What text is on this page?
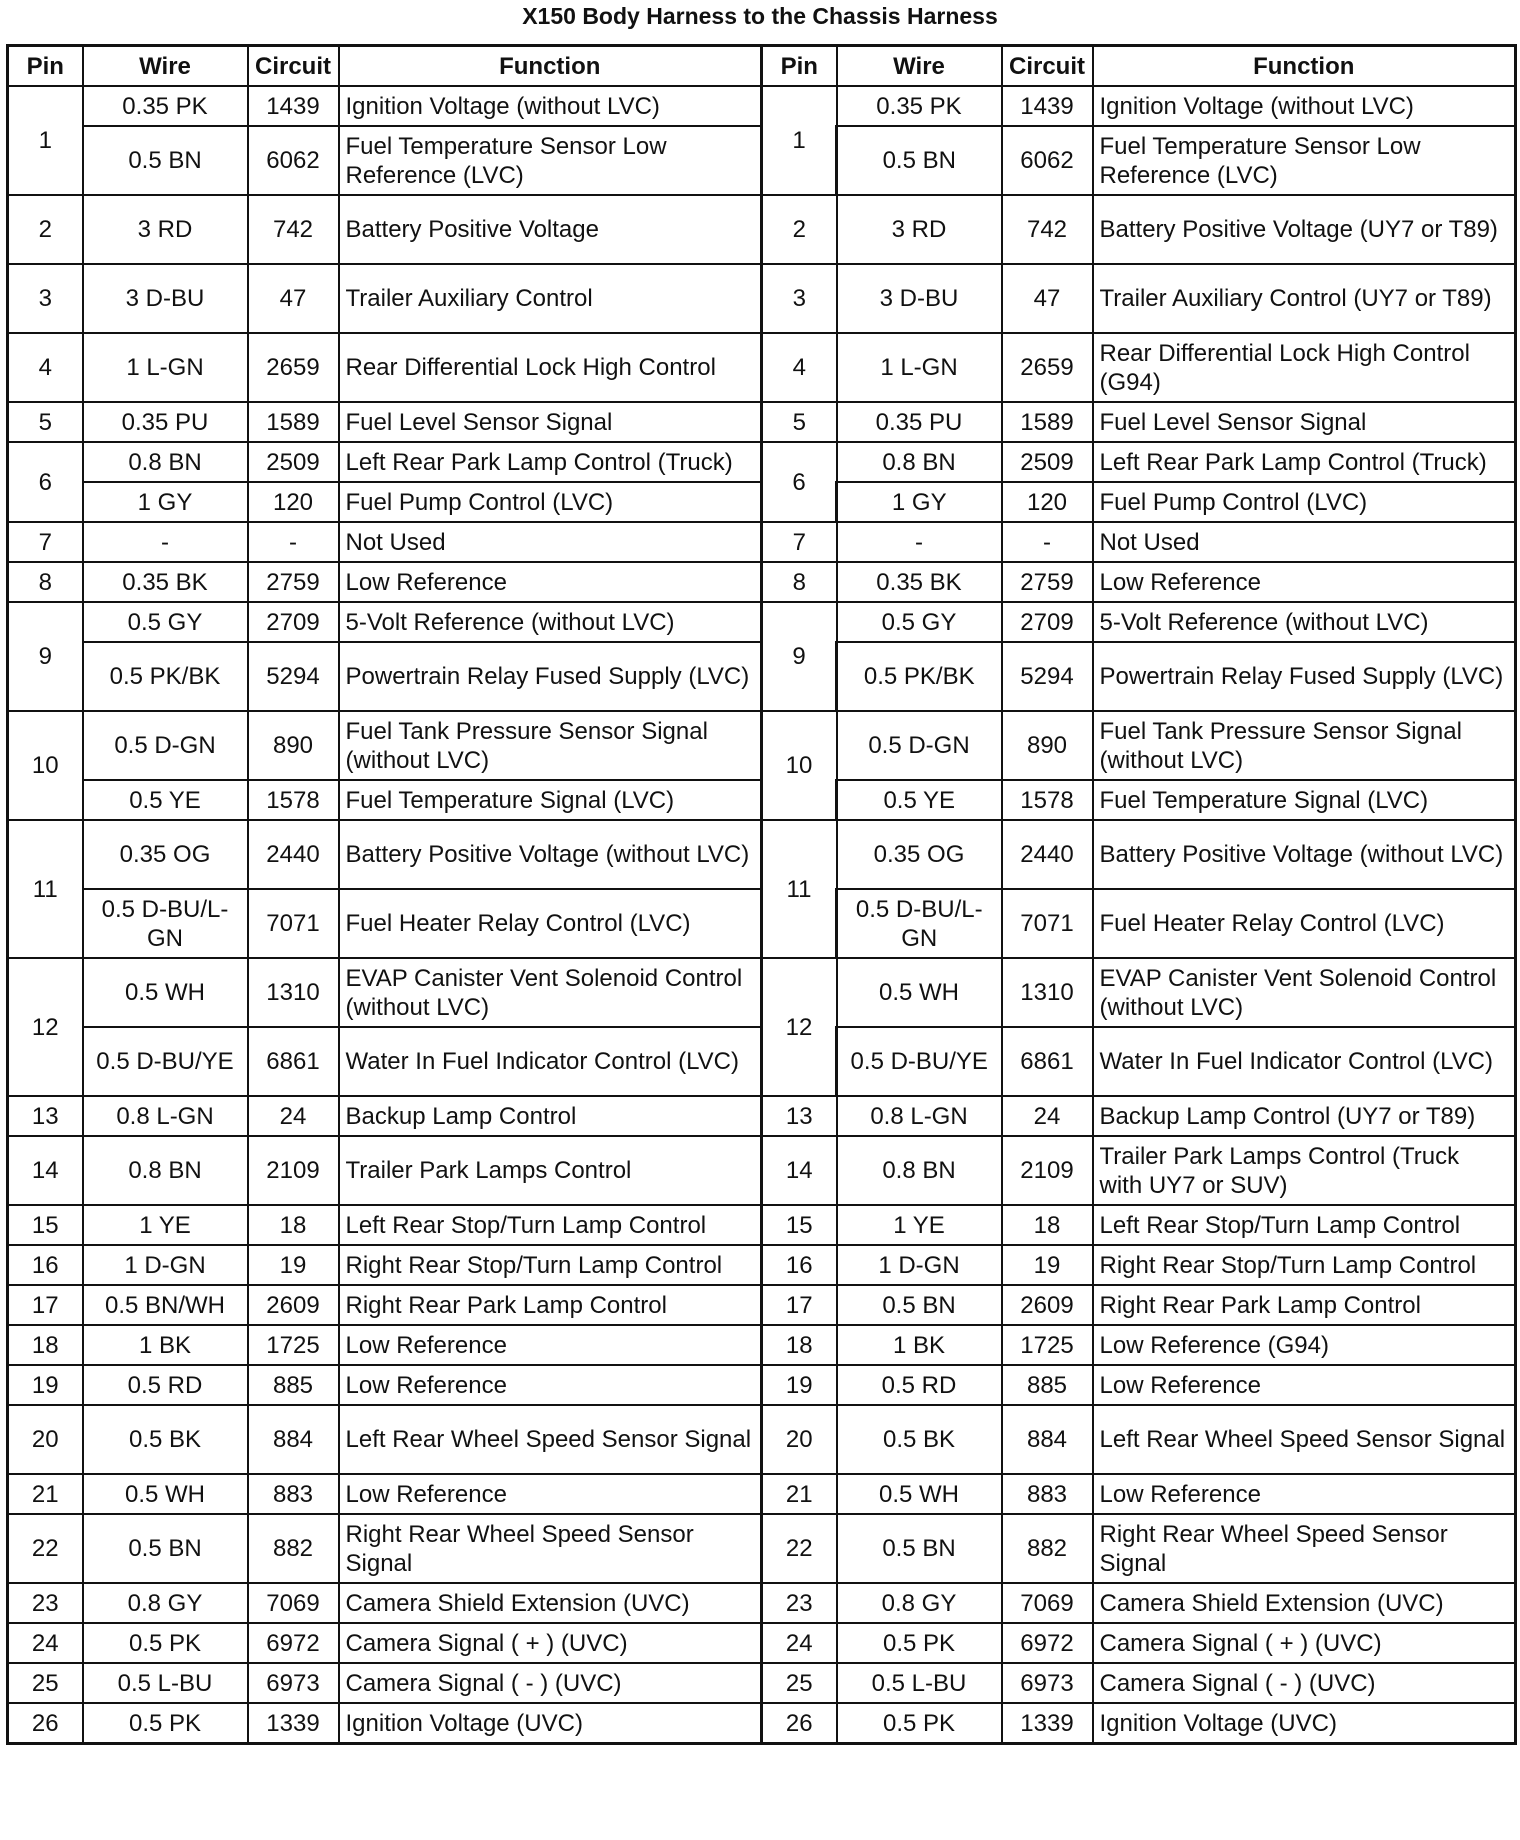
X150 Body Harness to the Chassis Harness
Pin	Wire	Circuit	Function	Pin	Wire	Circuit	Function
1	0.35 PK	1439	Ignition Voltage (without LVC)	1	0.35 PK	1439	Ignition Voltage (without LVC)
	0.5 BN	6062	Fuel Temperature Sensor Low Reference (LVC)		0.5 BN	6062	Fuel Temperature Sensor Low Reference (LVC)
2	3 RD	742	Battery Positive Voltage	2	3 RD	742	Battery Positive Voltage (UY7 or T89)
3	3 D-BU	47	Trailer Auxiliary Control	3	3 D-BU	47	Trailer Auxiliary Control (UY7 or T89)
4	1 L-GN	2659	Rear Differential Lock High Control	4	1 L-GN	2659	Rear Differential Lock High Control (G94)
5	0.35 PU	1589	Fuel Level Sensor Signal	5	0.35 PU	1589	Fuel Level Sensor Signal
6	0.8 BN	2509	Left Rear Park Lamp Control (Truck)	6	0.8 BN	2509	Left Rear Park Lamp Control (Truck)
	1 GY	120	Fuel Pump Control (LVC)		1 GY	120	Fuel Pump Control (LVC)
7	-	-	Not Used	7	-	-	Not Used
8	0.35 BK	2759	Low Reference	8	0.35 BK	2759	Low Reference
9	0.5 GY	2709	5-Volt Reference (without LVC)	9	0.5 GY	2709	5-Volt Reference (without LVC)
	0.5 PK/BK	5294	Powertrain Relay Fused Supply (LVC)		0.5 PK/BK	5294	Powertrain Relay Fused Supply (LVC)
10	0.5 D-GN	890	Fuel Tank Pressure Sensor Signal (without LVC)	10	0.5 D-GN	890	Fuel Tank Pressure Sensor Signal (without LVC)
	0.5 YE	1578	Fuel Temperature Signal (LVC)		0.5 YE	1578	Fuel Temperature Signal (LVC)
11	0.35 OG	2440	Battery Positive Voltage (without LVC)	11	0.35 OG	2440	Battery Positive Voltage (without LVC)
	0.5 D-BU/L-GN	7071	Fuel Heater Relay Control (LVC)		0.5 D-BU/L-GN	7071	Fuel Heater Relay Control (LVC)
12	0.5 WH	1310	EVAP Canister Vent Solenoid Control (without LVC)	12	0.5 WH	1310	EVAP Canister Vent Solenoid Control (without LVC)
	0.5 D-BU/YE	6861	Water In Fuel Indicator Control (LVC)		0.5 D-BU/YE	6861	Water In Fuel Indicator Control (LVC)
13	0.8 L-GN	24	Backup Lamp Control	13	0.8 L-GN	24	Backup Lamp Control (UY7 or T89)
14	0.8 BN	2109	Trailer Park Lamps Control	14	0.8 BN	2109	Trailer Park Lamps Control (Truck with UY7 or SUV)
15	1 YE	18	Left Rear Stop/Turn Lamp Control	15	1 YE	18	Left Rear Stop/Turn Lamp Control
16	1 D-GN	19	Right Rear Stop/Turn Lamp Control	16	1 D-GN	19	Right Rear Stop/Turn Lamp Control
17	0.5 BN/WH	2609	Right Rear Park Lamp Control	17	0.5 BN	2609	Right Rear Park Lamp Control
18	1 BK	1725	Low Reference	18	1 BK	1725	Low Reference (G94)
19	0.5 RD	885	Low Reference	19	0.5 RD	885	Low Reference
20	0.5 BK	884	Left Rear Wheel Speed Sensor Signal	20	0.5 BK	884	Left Rear Wheel Speed Sensor Signal
21	0.5 WH	883	Low Reference	21	0.5 WH	883	Low Reference
22	0.5 BN	882	Right Rear Wheel Speed Sensor Signal	22	0.5 BN	882	Right Rear Wheel Speed Sensor Signal
23	0.8 GY	7069	Camera Shield Extension (UVC)	23	0.8 GY	7069	Camera Shield Extension (UVC)
24	0.5 PK	6972	Camera Signal ( + ) (UVC)	24	0.5 PK	6972	Camera Signal ( + ) (UVC)
25	0.5 L-BU	6973	Camera Signal ( - ) (UVC)	25	0.5 L-BU	6973	Camera Signal ( - ) (UVC)
26	0.5 PK	1339	Ignition Voltage (UVC)	26	0.5 PK	1339	Ignition Voltage (UVC)
